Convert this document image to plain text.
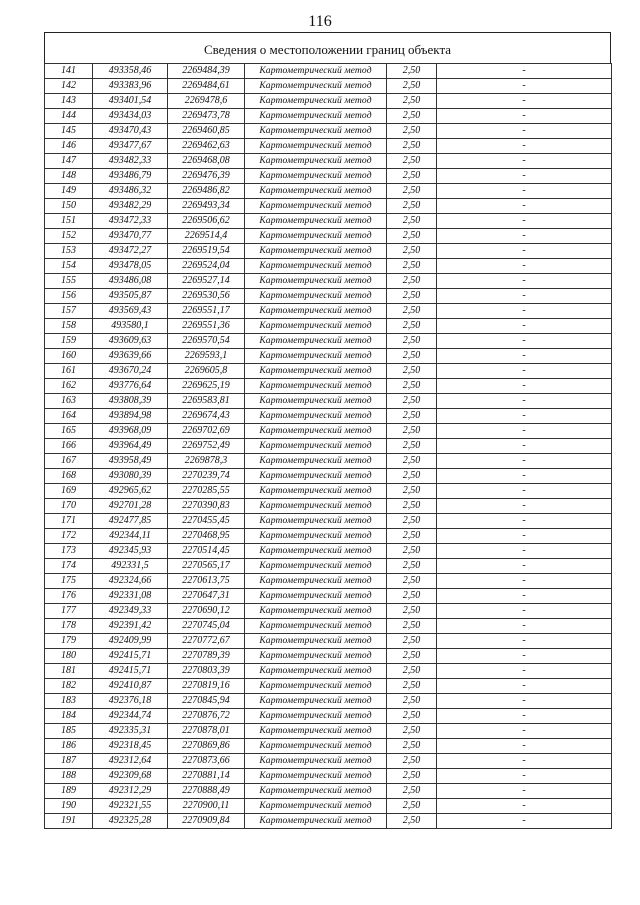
116
Сведения о местоположении границ объекта
141	493358,46	2269484,39	Картометрический метод	2,50	-
142	493383,96	2269484,61	Картометрический метод	2,50	-
143	493401,54	2269478,6	Картометрический метод	2,50	-
144	493434,03	2269473,78	Картометрический метод	2,50	-
145	493470,43	2269460,85	Картометрический метод	2,50	-
146	493477,67	2269462,63	Картометрический метод	2,50	-
147	493482,33	2269468,08	Картометрический метод	2,50	-
148	493486,79	2269476,39	Картометрический метод	2,50	-
149	493486,32	2269486,82	Картометрический метод	2,50	-
150	493482,29	2269493,34	Картометрический метод	2,50	-
151	493472,33	2269506,62	Картометрический метод	2,50	-
152	493470,77	2269514,4	Картометрический метод	2,50	-
153	493472,27	2269519,54	Картометрический метод	2,50	-
154	493478,05	2269524,04	Картометрический метод	2,50	-
155	493486,08	2269527,14	Картометрический метод	2,50	-
156	493505,87	2269530,56	Картометрический метод	2,50	-
157	493569,43	2269551,17	Картометрический метод	2,50	-
158	493580,1	2269551,36	Картометрический метод	2,50	-
159	493609,63	2269570,54	Картометрический метод	2,50	-
160	493639,66	2269593,1	Картометрический метод	2,50	-
161	493670,24	2269605,8	Картометрический метод	2,50	-
162	493776,64	2269625,19	Картометрический метод	2,50	-
163	493808,39	2269583,81	Картометрический метод	2,50	-
164	493894,98	2269674,43	Картометрический метод	2,50	-
165	493968,09	2269702,69	Картометрический метод	2,50	-
166	493964,49	2269752,49	Картометрический метод	2,50	-
167	493958,49	2269878,3	Картометрический метод	2,50	-
168	493080,39	2270239,74	Картометрический метод	2,50	-
169	492965,62	2270285,55	Картометрический метод	2,50	-
170	492701,28	2270390,83	Картометрический метод	2,50	-
171	492477,85	2270455,45	Картометрический метод	2,50	-
172	492344,11	2270468,95	Картометрический метод	2,50	-
173	492345,93	2270514,45	Картометрический метод	2,50	-
174	492331,5	2270565,17	Картометрический метод	2,50	-
175	492324,66	2270613,75	Картометрический метод	2,50	-
176	492331,08	2270647,31	Картометрический метод	2,50	-
177	492349,33	2270690,12	Картометрический метод	2,50	-
178	492391,42	2270745,04	Картометрический метод	2,50	-
179	492409,99	2270772,67	Картометрический метод	2,50	-
180	492415,71	2270789,39	Картометрический метод	2,50	-
181	492415,71	2270803,39	Картометрический метод	2,50	-
182	492410,87	2270819,16	Картометрический метод	2,50	-
183	492376,18	2270845,94	Картометрический метод	2,50	-
184	492344,74	2270876,72	Картометрический метод	2,50	-
185	492335,31	2270878,01	Картометрический метод	2,50	-
186	492318,45	2270869,86	Картометрический метод	2,50	-
187	492312,64	2270873,66	Картометрический метод	2,50	-
188	492309,68	2270881,14	Картометрический метод	2,50	-
189	492312,29	2270888,49	Картометрический метод	2,50	-
190	492321,55	2270900,11	Картометрический метод	2,50	-
191	492325,28	2270909,84	Картометрический метод	2,50	-
